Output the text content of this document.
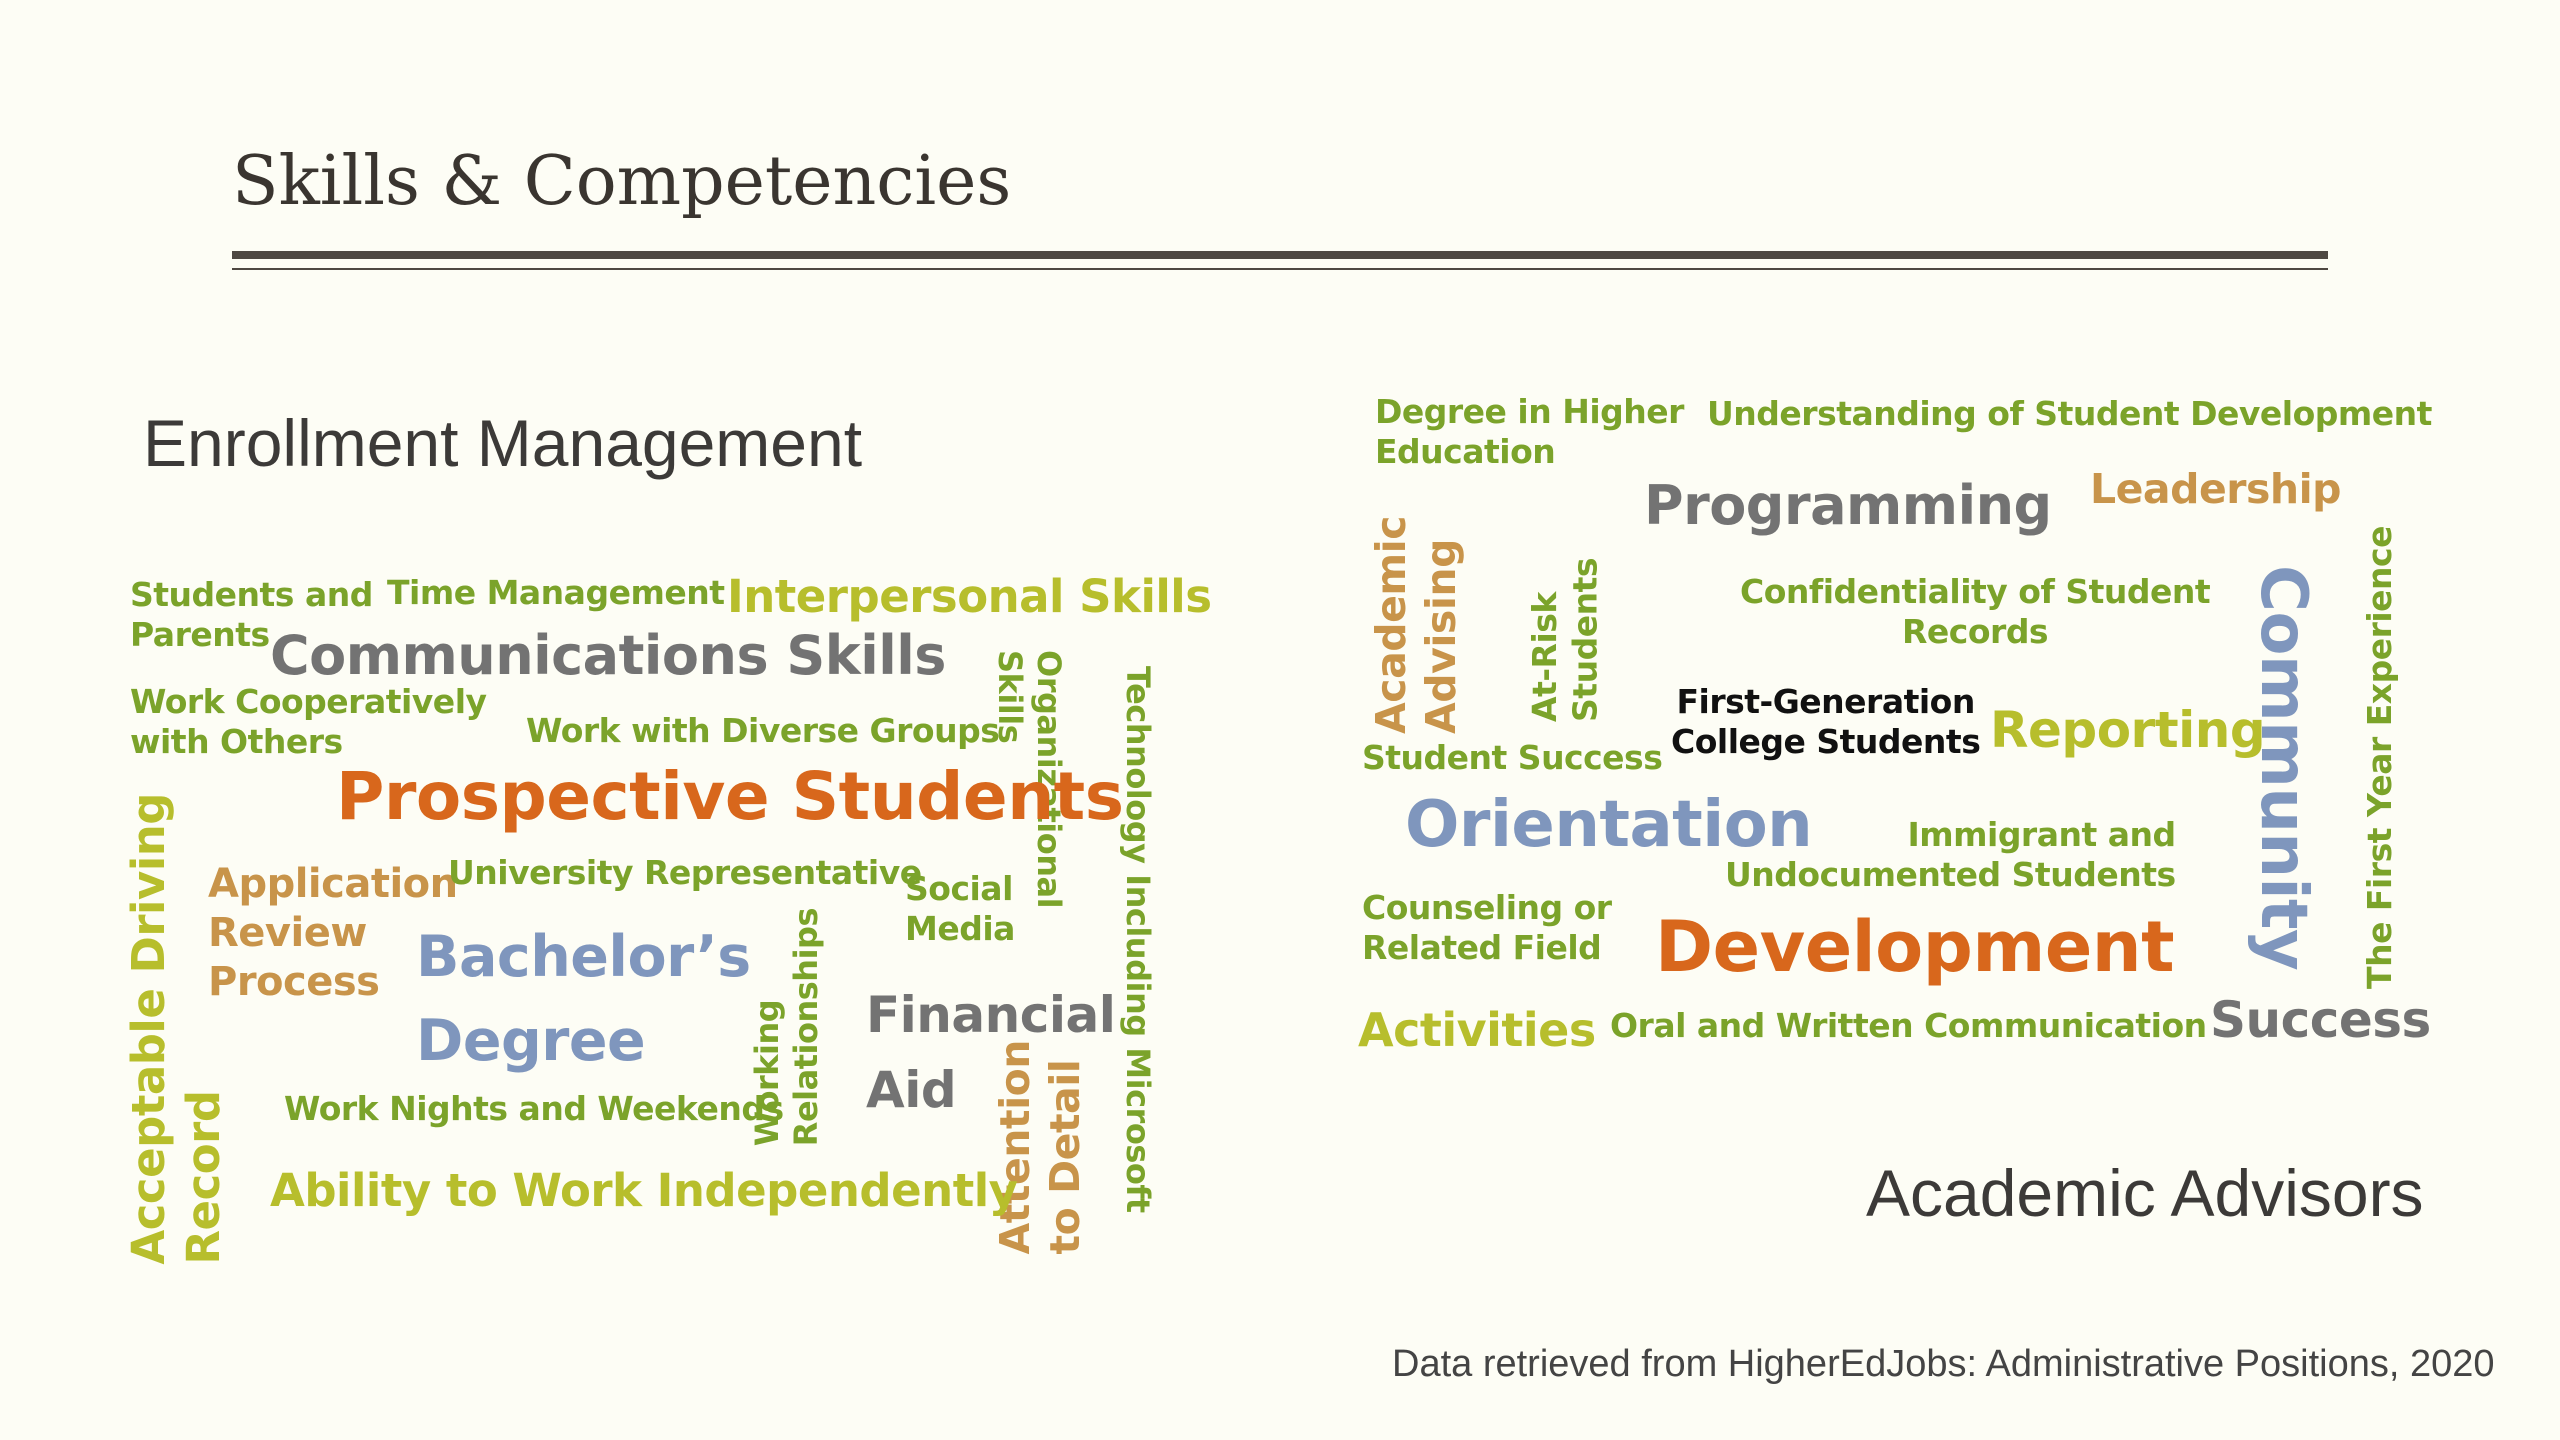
Skills & Competencies
Enrollment Management
Students and
Parents
Time Management Interpersonal Skills
Communications Skills
Work Cooperatively
with Others	Work with Diverse Groups Organizational
Skills	Technology Including Microsoft
Prospective Students
Acceptable Driving
Record
Application
Review
Process
University Representative
Social
Media
Bachelor’s
Degree	Working
Relationships Financial
Aid
Work Nights and Weekends	Attention
to Detail
Ability to Work Independently
Degree in Higher
Education
Understanding of Student Development
Programming Leadership
Academic
Advising At-Risk
Students	Confidentiality of Student
Records	Community The First Year Experience
First-Generation
College Students
Student Success	Reporting
Orientation	Immigrant and
Undocumented Students
Counseling or
Related Field Development
Activities Oral and Written Communication Success
Academic Advisors
Data retrieved from HigherEdJobs: Administrative Positions, 2020
